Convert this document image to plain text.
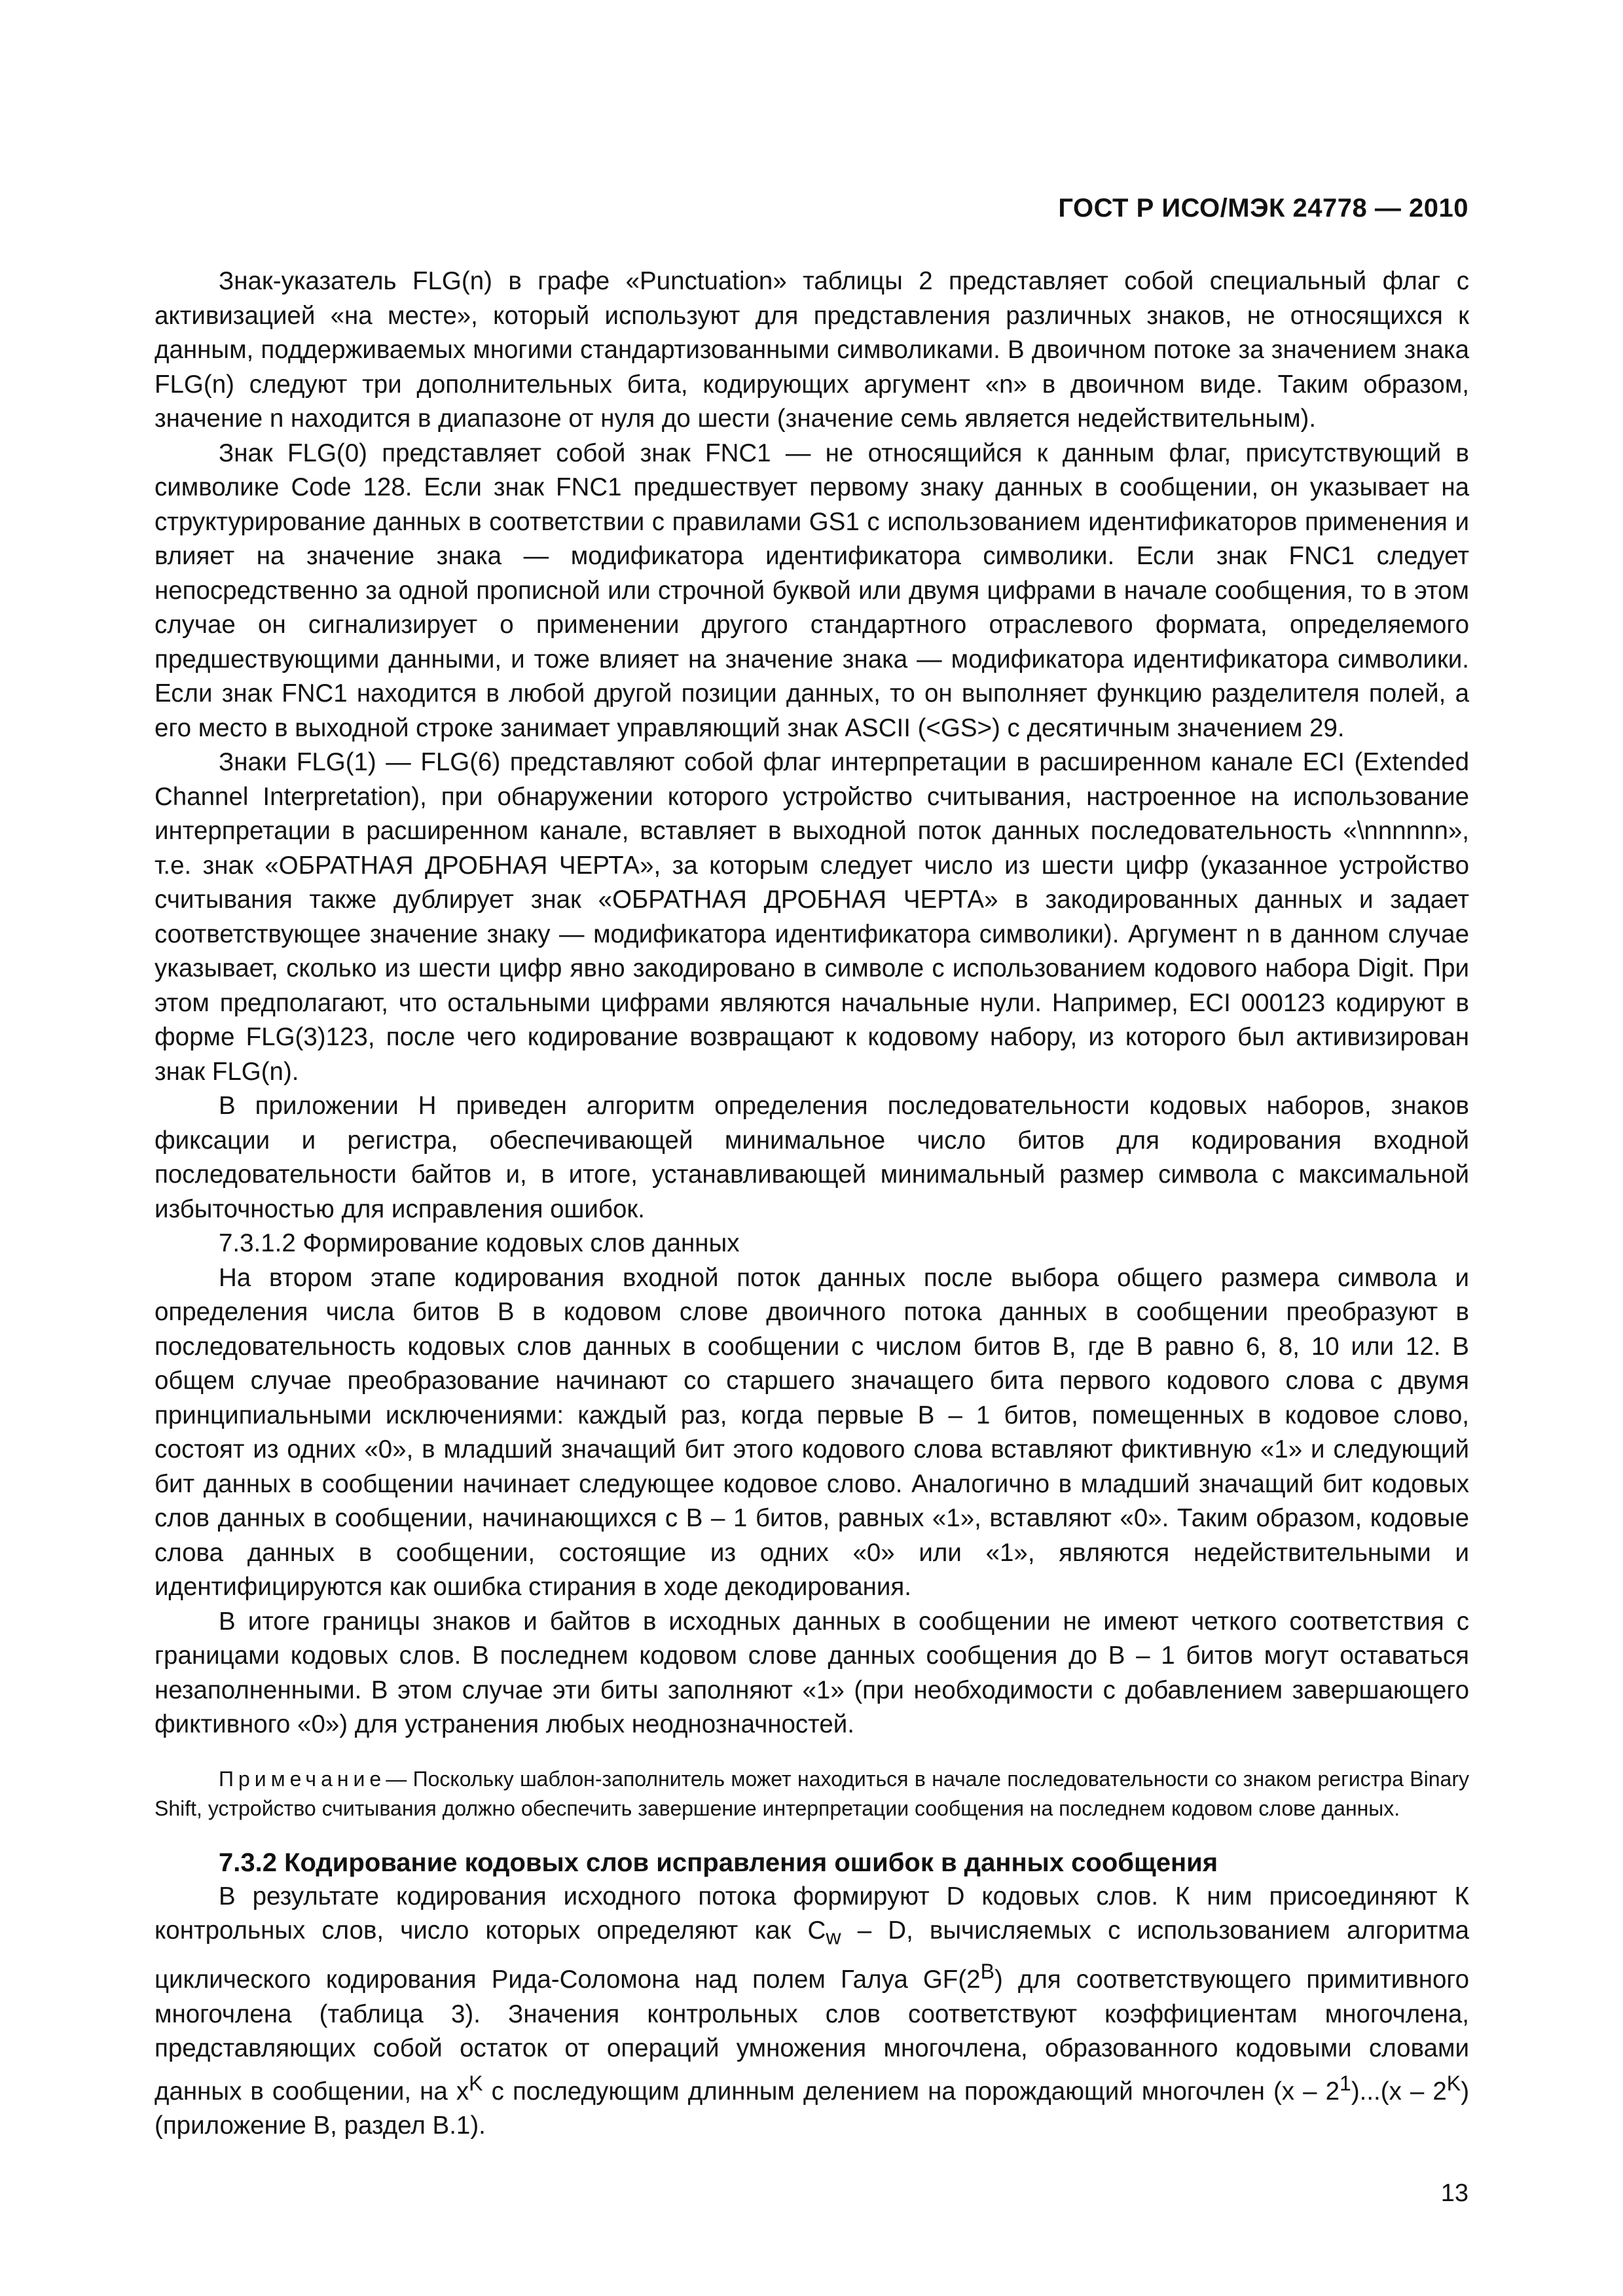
ГОСТ Р ИСО/МЭК 24778 — 2010

Знак-указатель FLG(n) в графе «Punctuation» таблицы 2 представляет собой специальный флаг с активизацией «на месте», который используют для представления различных знаков, не относящихся к данным, поддерживаемых многими стандартизованными символиками. В двоичном потоке за значением знака FLG(n) следуют три дополнительных бита, кодирующих аргумент «n» в двоичном виде. Таким образом, значение n находится в диапазоне от нуля до шести (значение семь является недействительным).

Знак FLG(0) представляет собой знак FNC1 — не относящийся к данным флаг, присутствующий в символике Code 128. Если знак FNC1 предшествует первому знаку данных в сообщении, он указывает на структурирование данных в соответствии с правилами GS1 с использованием идентификаторов применения и влияет на значение знака — модификатора идентификатора символики. Если знак FNC1 следует непосредственно за одной прописной или строчной буквой или двумя цифрами в начале сообщения, то в этом случае он сигнализирует о применении другого стандартного отраслевого формата, определяемого предшествующими данными, и тоже влияет на значение знака — модификатора идентификатора символики. Если знак FNC1 находится в любой другой позиции данных, то он выполняет функцию разделителя полей, а его место в выходной строке занимает управляющий знак ASCII (<GS>) с десятичным значением 29.

Знаки FLG(1) — FLG(6) представляют собой флаг интерпретации в расширенном канале ECI (Extended Channel Interpretation), при обнаружении которого устройство считывания, настроенное на использование интерпретации в расширенном канале, вставляет в выходной поток данных последовательность «\nnnnnn», т.е. знак «ОБРАТНАЯ ДРОБНАЯ ЧЕРТА», за которым следует число из шести цифр (указанное устройство считывания также дублирует знак «ОБРАТНАЯ ДРОБНАЯ ЧЕРТА» в закодированных данных и задает соответствующее значение знаку — модификатора идентификатора символики). Аргумент n в данном случае указывает, сколько из шести цифр явно закодировано в символе с использованием кодового набора Digit. При этом предполагают, что остальными цифрами являются начальные нули. Например, ECI 000123 кодируют в форме FLG(3)123, после чего кодирование возвращают к кодовому набору, из которого был активизирован знак FLG(n).

В приложении Н приведен алгоритм определения последовательности кодовых наборов, знаков фиксации и регистра, обеспечивающей минимальное число битов для кодирования входной последовательности байтов и, в итоге, устанавливающей минимальный размер символа с максимальной избыточностью для исправления ошибок.

7.3.1.2 Формирование кодовых слов данных

На втором этапе кодирования входной поток данных после выбора общего размера символа и определения числа битов В в кодовом слове двоичного потока данных в сообщении преобразуют в последовательность кодовых слов данных в сообщении с числом битов В, где В равно 6, 8, 10 или 12. В общем случае преобразование начинают со старшего значащего бита первого кодового слова с двумя принципиальными исключениями: каждый раз, когда первые В – 1 битов, помещенных в кодовое слово, состоят из одних «0», в младший значащий бит этого кодового слова вставляют фиктивную «1» и следующий бит данных в сообщении начинает следующее кодовое слово. Аналогично в младший значащий бит кодовых слов данных в сообщении, начинающихся с В – 1 битов, равных «1», вставляют «0». Таким образом, кодовые слова данных в сообщении, состоящие из одних «0» или «1», являются недействительными и идентифицируются как ошибка стирания в ходе декодирования.

В итоге границы знаков и байтов в исходных данных в сообщении не имеют четкого соответствия с границами кодовых слов. В последнем кодовом слове данных сообщения до В – 1 битов могут оставаться незаполненными. В этом случае эти биты заполняют «1» (при необходимости с добавлением завершающего фиктивного «0») для устранения любых неоднозначностей.

Примечание— Поскольку шаблон-заполнитель может находиться в начале последовательности со знаком регистра Binary Shift, устройство считывания должно обеспечить завершение интерпретации сообщения на последнем кодовом слове данных.

7.3.2 Кодирование кодовых слов исправления ошибок в данных сообщения

В результате кодирования исходного потока формируют D кодовых слов. К ним присоединяют К контрольных слов, число которых определяют как $C_w$ – D, вычисляемых с использованием алгоритма циклического кодирования Рида-Соломона над полем Галуа $GF(2^B)$ для соответствующего примитивного многочлена (таблица 3). Значения контрольных слов соответствуют коэффициентам многочлена, представляющих собой остаток от операций умножения многочлена, образованного кодовыми словами данных в сообщении, на $x^K$ с последующим длинным делением на порождающий многочлен $(x - 2^1)...(x - 2^K)$ (приложение В, раздел В.1).

13
